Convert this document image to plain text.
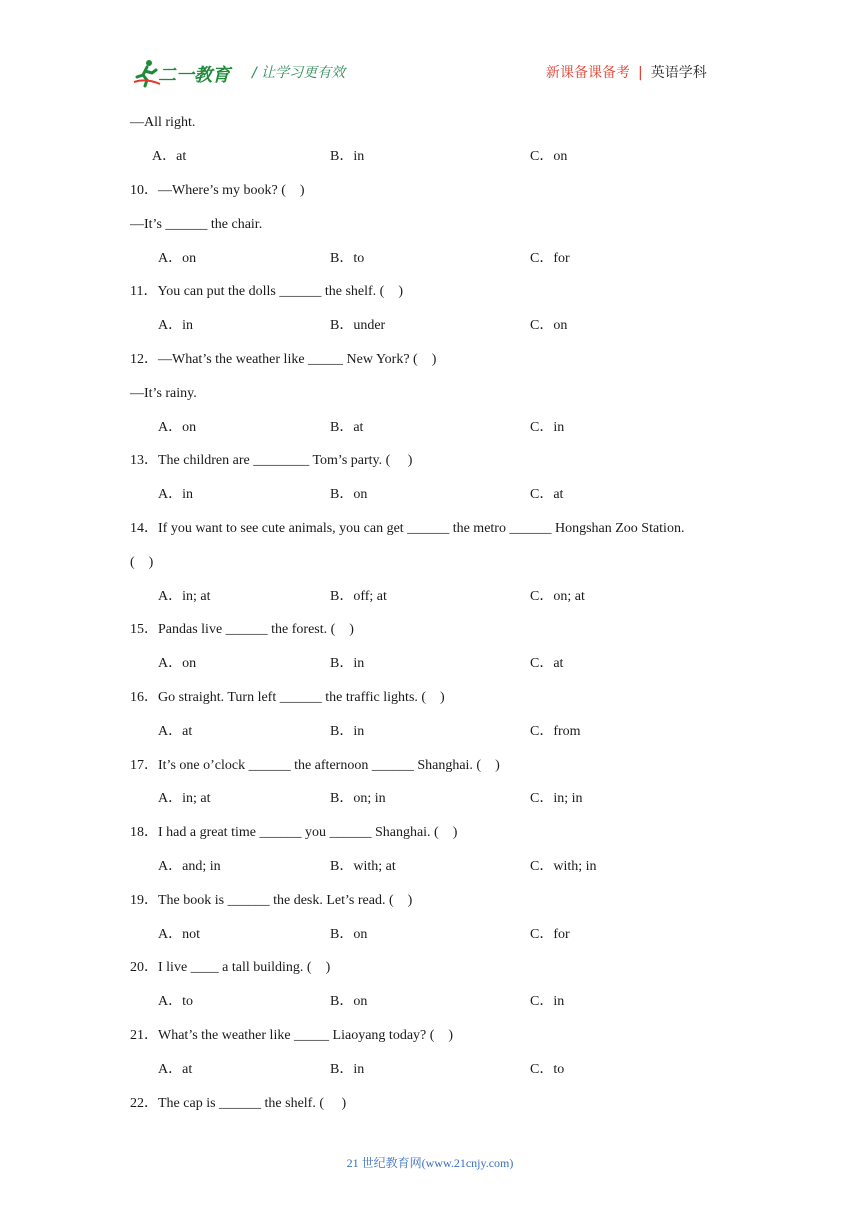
二一教育 / 让学习更有效	新课备课备考 | 英语学科
—All right.
A．at	B．in	C．on
10．—Where’s my book? (    )
—It’s ______ the chair.
A．on	B．to	C．for
11．You can put the dolls ______ the shelf. (    )
A．in	B．under	C．on
12．—What’s the weather like _____ New York? (    )
—It’s rainy.
A．on	B．at	C．in
13．The children are ________ Tom’s party. (     )
A．in	B．on	C．at
14．If you want to see cute animals, you can get ______ the metro ______ Hongshan Zoo Station.
(    )
A．in; at	B．off; at	C．on; at
15．Pandas live ______ the forest. (    )
A．on	B．in	C．at
16．Go straight. Turn left ______ the traffic lights. (    )
A．at	B．in	C．from
17．It’s one o’clock ______ the afternoon ______ Shanghai. (    )
A．in; at	B．on; in	C．in; in
18．I had a great time ______ you ______ Shanghai. (    )
A．and; in	B．with; at	C．with; in
19．The book is ______ the desk. Let’s read. (    )
A．not	B．on	C．for
20．I live ____ a tall building. (    )
A．to	B．on	C．in
21．What’s the weather like _____ Liaoyang today? (    )
A．at	B．in	C．to
22．The cap is ______ the shelf. (     )
21 世纪教育网(www.21cnjy.com)
